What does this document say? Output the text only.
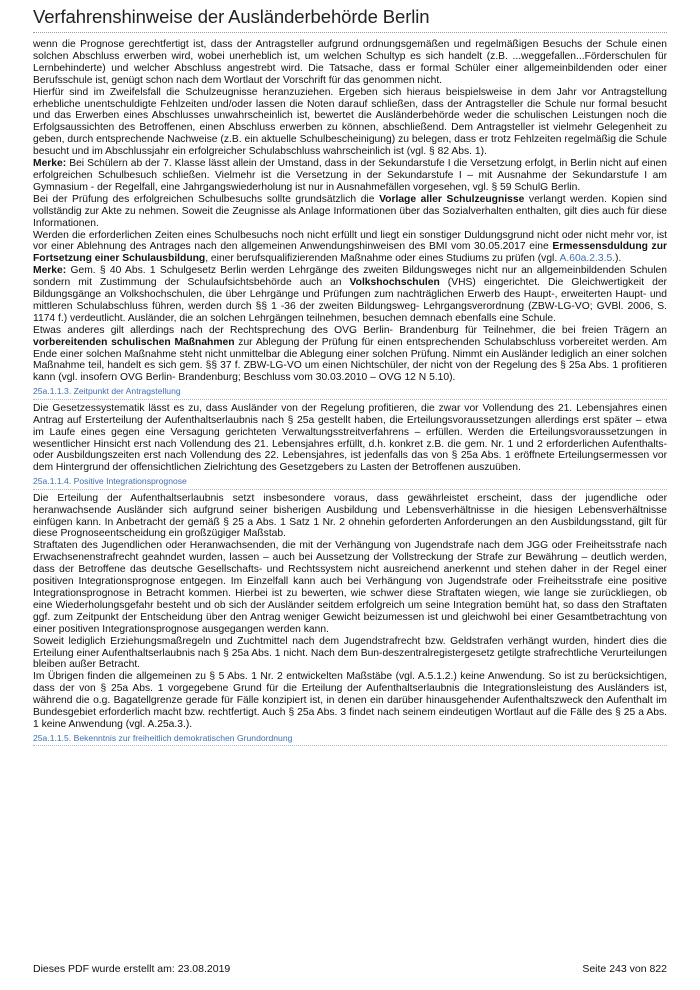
Verfahrenshinweise der Ausländerbehörde Berlin

wenn die Prognose gerechtfertigt ist, dass der Antragsteller aufgrund ordnungsgemäßen und regelmäßigen Besuchs der Schule einen solchen Abschluss erwerben wird, wobei unerheblich ist, um welchen Schultyp es sich handelt (z.B. ...weggefallen...Förderschulen für Lernbehinderte) und welcher Abschluss angestrebt wird. Die Tatsache, dass er formal Schüler einer allgemeinbildenden oder einer Berufsschule ist, genügt schon nach dem Wortlaut der Vorschrift für das genommen nicht.

Hierfür sind im Zweifelsfall die Schulzeugnisse heranzuziehen. Ergeben sich hieraus beispielsweise in dem Jahr vor Antragstellung erhebliche unentschuldigte Fehlzeiten und/oder lassen die Noten darauf schließen, dass der Antragsteller die Schule nur formal besucht und das Erwerben eines Abschlusses unwahrscheinlich ist, bewertet die Ausländerbehörde weder die schulischen Leistungen noch die Erfolgsaussichten des Betroffenen, einen Abschluss erwerben zu können, abschließend. Dem Antragsteller ist vielmehr Gelegenheit zu geben, durch entsprechende Nachweise (z.B. ein aktuelle Schulbescheinigung) zu belegen, dass er trotz Fehlzeiten regelmäßig die Schule besucht und im Abschlussjahr ein erfolgreicher Schulabschluss wahrscheinlich ist (vgl. § 82 Abs. 1).

Merke: Bei Schülern ab der 7. Klasse lässt allein der Umstand, dass in der Sekundarstufe I die Versetzung erfolgt, in Berlin nicht auf einen erfolgreichen Schulbesuch schließen. Vielmehr ist die Versetzung in der Sekundarstufe I – mit Ausnahme der Sekundarstufe I am Gymnasium - der Regelfall, eine Jahrgangswiederholung ist nur in Ausnahmefällen vorgesehen, vgl. § 59 SchulG Berlin.

Bei der Prüfung des erfolgreichen Schulbesuchs sollte grundsätzlich die Vorlage aller Schulzeugnisse verlangt werden. Kopien sind vollständig zur Akte zu nehmen. Soweit die Zeugnisse als Anlage Informationen über das Sozialverhalten enthalten, gilt dies auch für diese Informationen.

Werden die erforderlichen Zeiten eines Schulbesuchs noch nicht erfüllt und liegt ein sonstiger Duldungsgrund nicht oder nicht mehr vor, ist vor einer Ablehnung des Antrages nach den allgemeinen Anwendungshinweisen des BMI vom 30.05.2017 eine Ermessensduldung zur Fortsetzung einer Schulausbildung, einer berufsqualifizierenden Maßnahme oder eines Studiums zu prüfen (vgl. A.60a.2.3.5.).

Merke: Gem. § 40 Abs. 1 Schulgesetz Berlin werden Lehrgänge des zweiten Bildungsweges nicht nur an allgemeinbildenden Schulen sondern mit Zustimmung der Schulaufsichtsbehörde auch an Volkshochschulen (VHS) eingerichtet. Die Gleichwertigkeit der Bildungsgänge an Volkshochschulen, die über Lehrgänge und Prüfungen zum nachträglichen Erwerb des Haupt-, erweiterten Haupt- und mittleren Schulabschluss führen, werden durch §§ 1 -36 der zweiten Bildungsweg- Lehrgangsverordnung (ZBW-LG-VO; GVBl. 2006, S. 1174 f.) verdeutlicht. Ausländer, die an solchen Lehrgängen teilnehmen, besuchen demnach ebenfalls eine Schule.

Etwas anderes gilt allerdings nach der Rechtsprechung des OVG Berlin- Brandenburg für Teilnehmer, die bei freien Trägern an vorbereitenden schulischen Maßnahmen zur Ablegung der Prüfung für einen entsprechenden Schulabschluss vorbereitet werden. Am Ende einer solchen Maßnahme steht nicht unmittelbar die Ablegung einer solchen Prüfung. Nimmt ein Ausländer lediglich an einer solchen Maßnahme teil, handelt es sich gem. §§ 37 f. ZBW-LG-VO um einen Nichtschüler, der nicht von der Regelung des § 25a Abs. 1 profitieren kann (vgl. insofern OVG Berlin- Brandenburg; Beschluss vom 30.03.2010 – OVG 12 N 5.10).

25a.1.1.3. Zeitpunkt der Antragstellung

Die Gesetzessystematik lässt es zu, dass Ausländer von der Regelung profitieren, die zwar vor Vollendung des 21. Lebensjahres einen Antrag auf Ersterteilung der Aufenthaltserlaubnis nach § 25a gestellt haben, die Erteilungsvoraussetzungen allerdings erst später – etwa im Laufe eines gegen eine Versagung gerichteten Verwaltungsstreitverfahrens – erfüllen. Werden die Erteilungsvoraussetzungen in wesentlicher Hinsicht erst nach Vollendung des 21. Lebensjahres erfüllt, d.h. konkret z.B. die gem. Nr. 1 und 2 erforderlichen Aufenthalts- oder Ausbildungszeiten erst nach Vollendung des 22. Lebensjahres, ist jedenfalls das von § 25a Abs. 1 eröffnete Erteilungsermessen vor dem Hintergrund der offensichtlichen Zielrichtung des Gesetzgebers zu Lasten der Betroffenen auszuüben.

25a.1.1.4. Positive Integrationsprognose

Die Erteilung der Aufenthaltserlaubnis setzt insbesondere voraus, dass gewährleistet erscheint, dass der jugendliche oder heranwachsende Ausländer sich aufgrund seiner bisherigen Ausbildung und Lebensverhältnisse in die hiesigen Lebensverhältnisse einfügen kann. In Anbetracht der gemäß § 25 a Abs. 1 Satz 1 Nr. 2 ohnehin geforderten Anforderungen an den Ausbildungsstand, gilt für diese Prognoseentscheidung ein großzügiger Maßstab.

Straftaten des Jugendlichen oder Heranwachsenden, die mit der Verhängung von Jugendstrafe nach dem JGG oder Freiheitsstrafe nach Erwachsenenstrafrecht geahndet wurden, lassen – auch bei Aussetzung der Vollstreckung der Strafe zur Bewährung – deutlich werden, dass der Betroffene das deutsche Gesellschafts- und Rechtssystem nicht ausreichend anerkennt und stehen daher in der Regel einer positiven Integrationsprognose entgegen. Im Einzelfall kann auch bei Verhängung von Jugendstrafe oder Freiheitsstrafe eine positive Integrationsprognose in Betracht kommen. Hierbei ist zu bewerten, wie schwer diese Straftaten wiegen, wie lange sie zurückliegen, ob eine Wiederholungsgefahr besteht und ob sich der Ausländer seitdem erfolgreich um seine Integration bemüht hat, so dass den Straftaten ggf. zum Zeitpunkt der Entscheidung über den Antrag weniger Gewicht beizumessen ist und gleichwohl bei einer Gesamtbetrachtung von einer positiven Integrationsprognose ausgegangen werden kann.

Soweit lediglich Erziehungsmaßregeln und Zuchtmittel nach dem Jugendstrafrecht bzw. Geldstrafen verhängt wurden, hindert dies die Erteilung einer Aufenthaltserlaubnis nach § 25a Abs. 1 nicht. Nach dem Bun-deszentralregistergesetz getilgte strafrechtliche Verurteilungen bleiben außer Betracht.

Im Übrigen finden die allgemeinen zu § 5 Abs. 1 Nr. 2 entwickelten Maßstäbe (vgl. A.5.1.2.) keine Anwendung. So ist zu berücksichtigen, dass der von § 25a Abs. 1 vorgegebene Grund für die Erteilung der Aufenthaltserlaubnis die Integrationsleistung des Ausländers ist, während die o.g. Bagatellgrenze gerade für Fälle konzipiert ist, in denen ein darüber hinausgehender Aufenthaltszweck den Aufenthalt im Bundesgebiet erforderlich macht bzw. rechtfertigt. Auch § 25a Abs. 3 findet nach seinem eindeutigen Wortlaut auf die Fälle des § 25 a Abs. 1 keine Anwendung (vgl. A.25a.3.).

25a.1.1.5. Bekenntnis zur freiheitlich demokratischen Grundordnung
Dieses PDF wurde erstellt am: 23.08.2019	Seite 243 von 822
